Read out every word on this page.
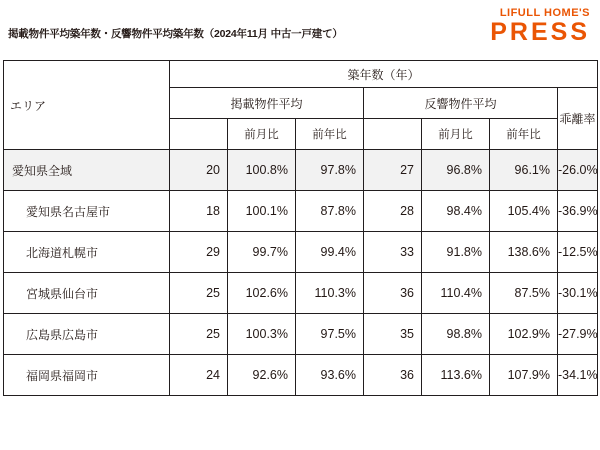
掲載物件平均築年数・反響物件平均築年数（2024年11月 中古一戸建て）
LIFULL HOME'S
PRESS
エリア	築年数（年）						
	掲載物件平均			反響物件平均			乖離率
		前月比	前年比		前月比	前年比	
愛知県全域	20	100.8%	97.8%	27	96.8%	96.1%	-26.0%
愛知県名古屋市	18	100.1%	87.8%	28	98.4%	105.4%	-36.9%
北海道札幌市	29	99.7%	99.4%	33	91.8%	138.6%	-12.5%
宮城県仙台市	25	102.6%	110.3%	36	110.4%	87.5%	-30.1%
広島県広島市	25	100.3%	97.5%	35	98.8%	102.9%	-27.9%
福岡県福岡市	24	92.6%	93.6%	36	113.6%	107.9%	-34.1%
